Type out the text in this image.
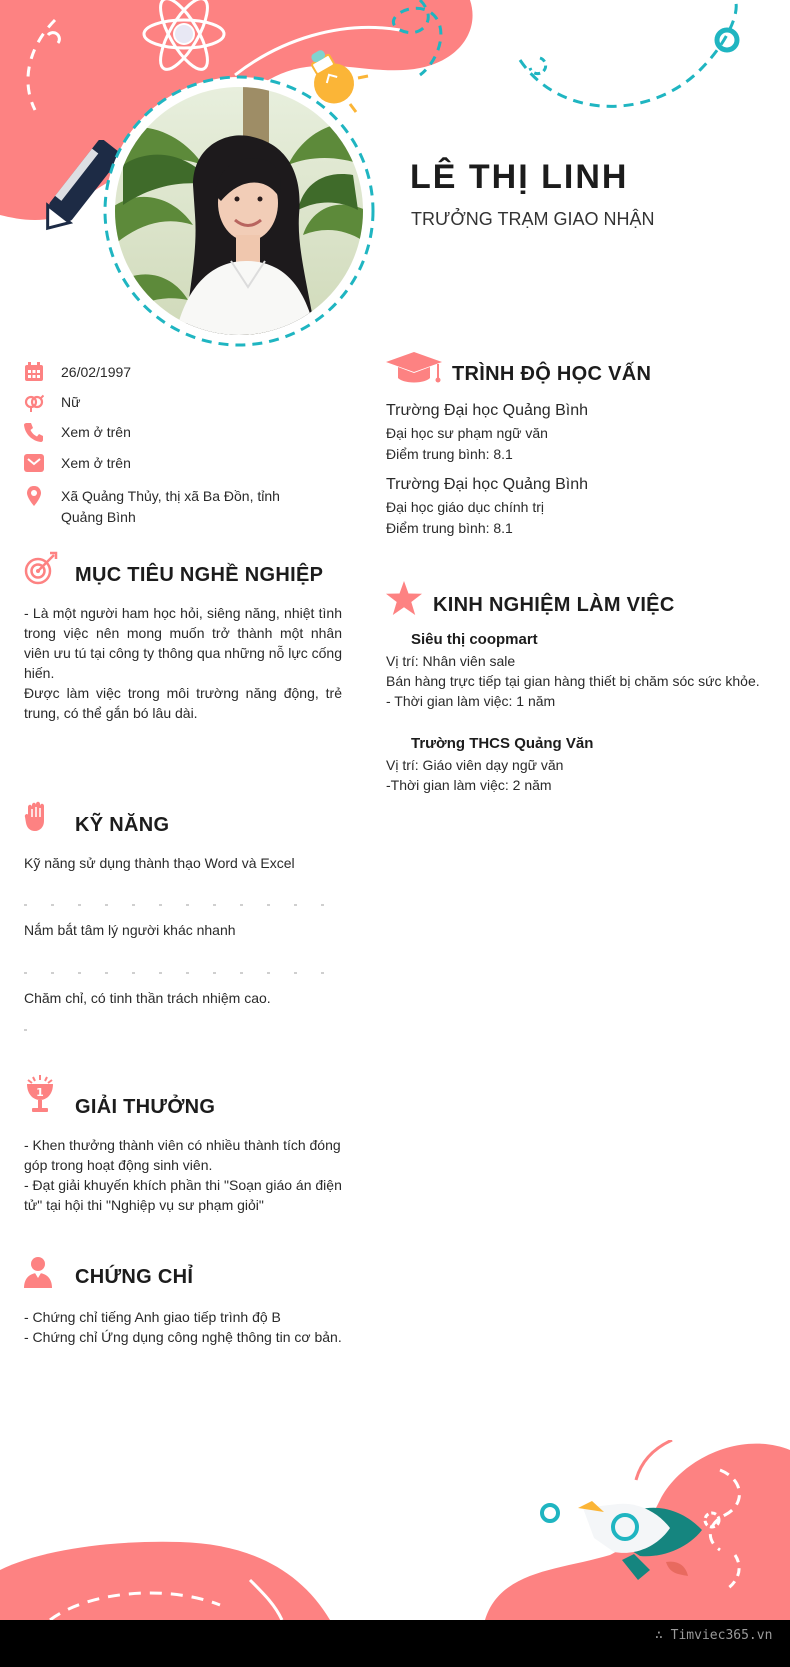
LÊ THỊ LINH
TRƯỞNG TRẠM GIAO NHẬN
26/02/1997
Nữ
Xem ở trên
Xem ở trên
Xã Quảng Thủy, thị xã Ba Đồn, tỉnh
Quảng Bình
MỤC TIÊU NGHỀ NGHIỆP
- Là một người ham học hỏi, siêng năng, nhiệt tình
trong việc nên mong muốn trở thành một nhân
viên ưu tú tại công ty thông qua những nỗ lực cống
hiến.
Được làm việc trong môi trường năng động, trẻ
trung, có thể gắn bó lâu dài.
KỸ NĂNG
Kỹ năng sử dụng thành thạo Word và Excel
Nắm bắt tâm lý người khác nhanh
Chăm chỉ, có tinh thần trách nhiệm cao.
1
GIẢI THƯỞNG
- Khen thưởng thành viên có nhiều thành tích đóng
góp trong hoạt động sinh viên.
- Đạt giải khuyến khích phần thi "Soạn giáo án điện
tử" tại hội thi "Nghiệp vụ sư phạm giỏi"
CHỨNG CHỈ
- Chứng chỉ tiếng Anh giao tiếp trình độ B
- Chứng chỉ Ứng dụng công nghệ thông tin cơ bản.
TRÌNH ĐỘ HỌC VẤN
Trường Đại học Quảng Bình
Đại học sư phạm ngữ văn
Điểm trung bình: 8.1
Trường Đại học Quảng Bình
Đại học giáo dục chính trị
Điểm trung bình: 8.1
KINH NGHIỆM LÀM VIỆC
Siêu thị coopmart
Vị trí: Nhân viên sale
Bán hàng trực tiếp tại gian hàng thiết bị chăm sóc sức khỏe.
- Thời gian làm việc: 1 năm
Trường THCS Quảng Văn
Vị trí: Giáo viên dạy ngữ văn
-Thời gian làm việc: 2 năm
∴ Timviec365.vn
